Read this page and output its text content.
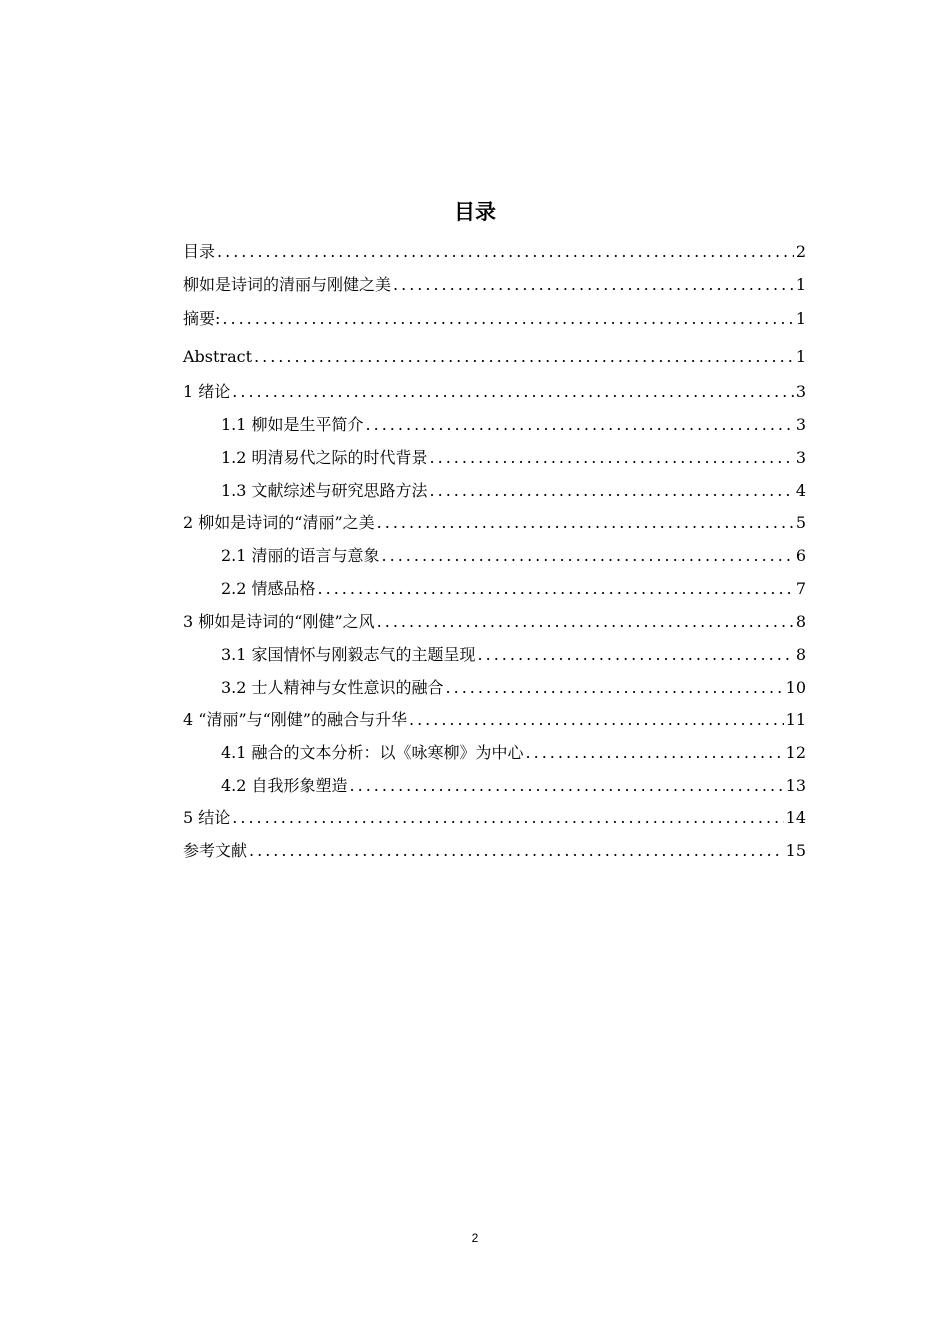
目录
目录 .....	2
柳如是诗词的清丽与刚健之美 .....	1
摘要: .....	1
Abstract .....	1
1 绪论 .....	3
1.1 柳如是生平简介 .....	3
1.2 明清易代之际的时代背景 .....	3
1.3 文献综述与研究思路方法 .....	4
2 柳如是诗词的“清丽”之美 .....	5
2.1 清丽的语言与意象 .....	6
2.2 情感品格 .....	7
3 柳如是诗词的“刚健”之风 .....	8
3.1 家国情怀与刚毅志气的主题呈现 .....	8
3.2 士人精神与女性意识的融合 .....	10
4 “清丽”与“刚健”的融合与升华 .....	11
4.1 融合的文本分析：以《咏寒柳》为中心 .....	12
4.2 自我形象塑造 .....	13
5 结论 .....	14
参考文献 .....	15
2
